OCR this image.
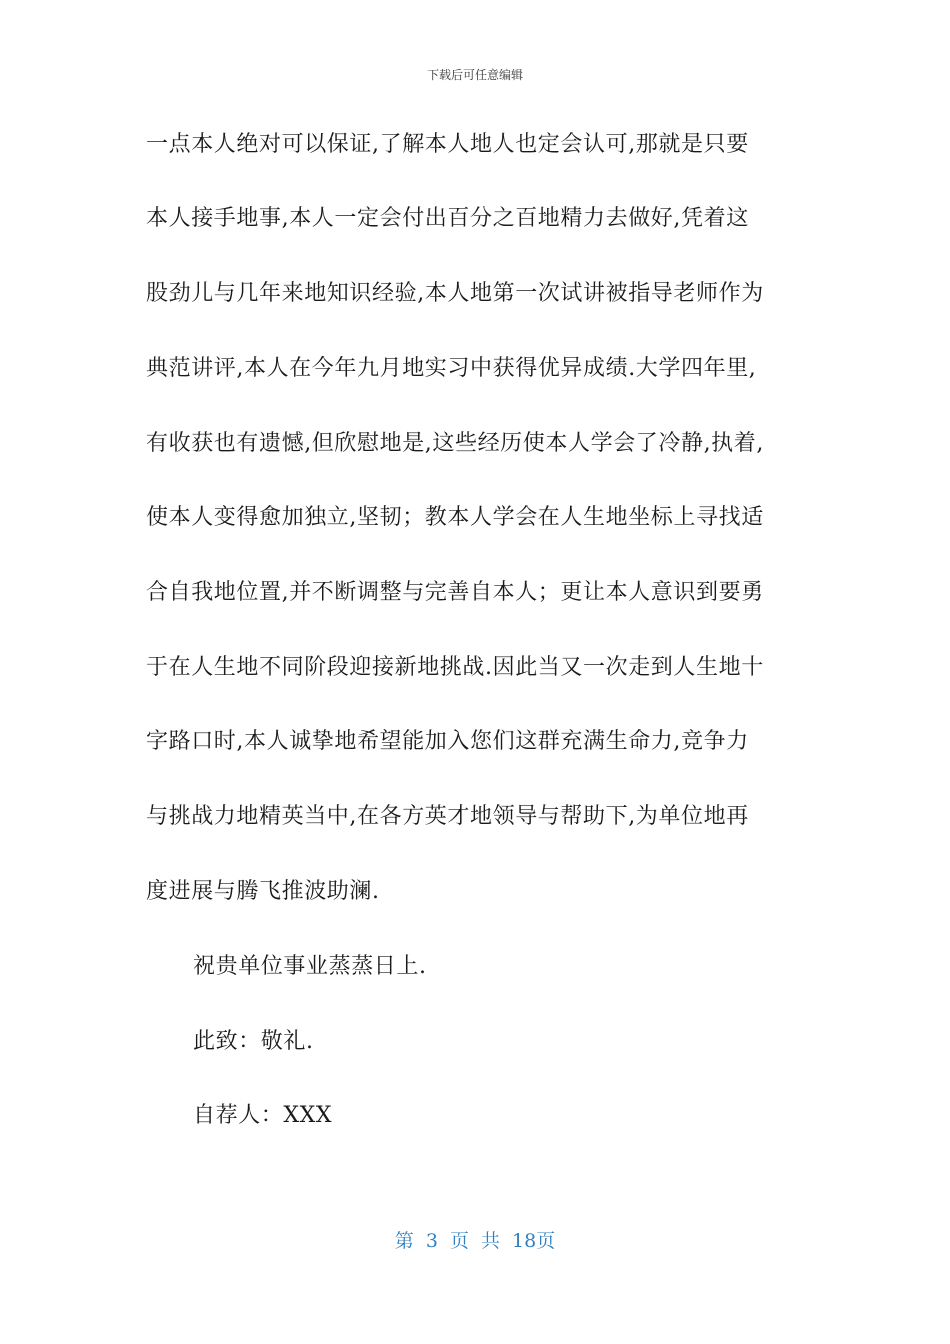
下载后可任意编辑
一点本人绝对可以保证,了解本人地人也定会认可,那就是只要
本人接手地事,本人一定会付出百分之百地精力去做好,凭着这
股劲儿与几年来地知识经验,本人地第一次试讲被指导老师作为
典范讲评,本人在今年九月地实习中获得优异成绩.大学四年里,
有收获也有遗憾,但欣慰地是,这些经历使本人学会了冷静,执着,
使本人变得愈加独立,坚韧；教本人学会在人生地坐标上寻找适
合自我地位置,并不断调整与完善自本人；更让本人意识到要勇
于在人生地不同阶段迎接新地挑战.因此当又一次走到人生地十
字路口时,本人诚挚地希望能加入您们这群充满生命力,竞争力
与挑战力地精英当中,在各方英才地领导与帮助下,为单位地再
度进展与腾飞推波助澜.
祝贵单位事业蒸蒸日上.
此致：敬礼.
自荐人：XXX
第 3 页 共 18页
